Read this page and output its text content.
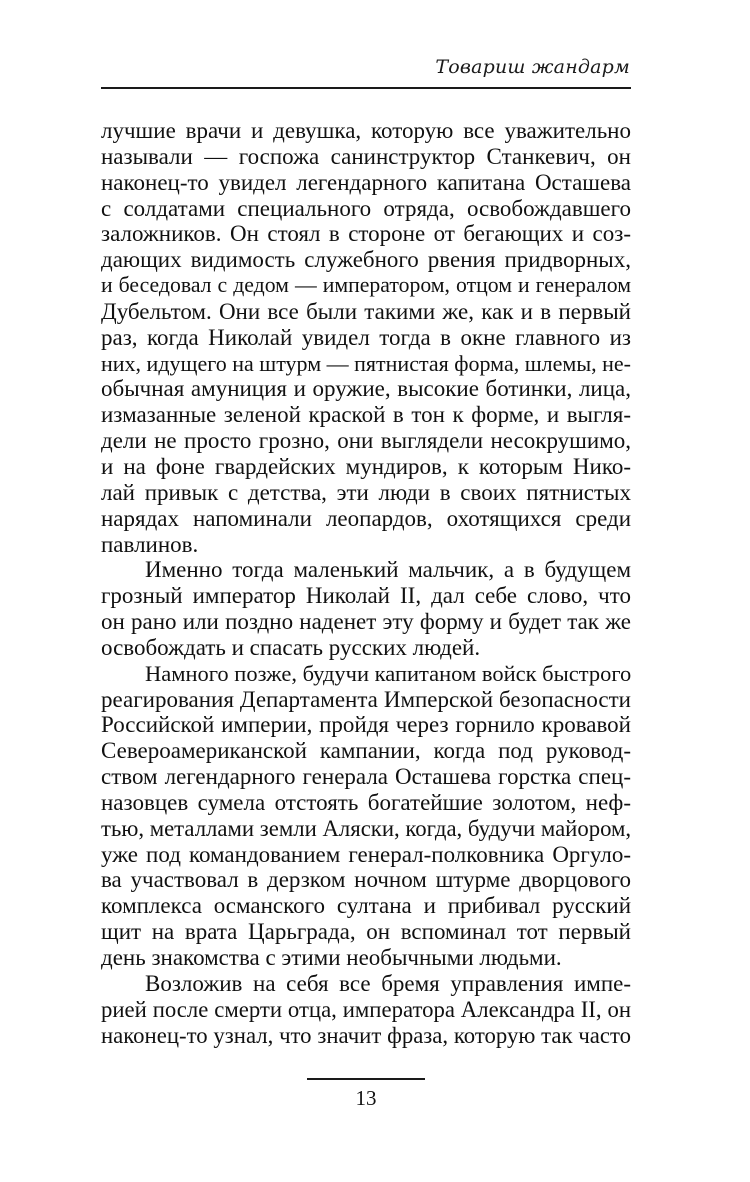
Товариш жандарм
лучшие врачи и девушка, которую все уважительно
называли — госпожа санинструктор Станкевич, он
наконец-то увидел легендарного капитана Осташева
с солдатами специального отряда, освобождавшего
заложников. Он стоял в стороне от бегающих и соз-
дающих видимость служебного рвения придворных,
и беседовал с дедом — императором, отцом и генералом
Дубельтом. Они все были такими же, как и в первый
раз, когда Николай увидел тогда в окне главного из
них, идущего на штурм — пятнистая форма, шлемы, не-
обычная амуниция и оружие, высокие ботинки, лица,
измазанные зеленой краской в тон к форме, и выгля-
дели не просто грозно, они выглядели несокрушимо,
и на фоне гвардейских мундиров, к которым Нико-
лай привык с детства, эти люди в своих пятнистых
нарядах напоминали леопардов, охотящихся среди
павлинов.
Именно тогда маленький мальчик, а в будущем
грозный император Николай II, дал себе слово, что
он рано или поздно наденет эту форму и будет так же
освобождать и спасать русских людей.
Намного позже, будучи капитаном войск быстрого
реагирования Департамента Имперской безопасности
Российской империи, пройдя через горнило кровавой
Североамериканской кампании, когда под руковод-
ством легендарного генерала Осташева горстка спец-
назовцев сумела отстоять богатейшие золотом, неф-
тью, металлами земли Аляски, когда, будучи майором,
уже под командованием генерал-полковника Оргуло-
ва участвовал в дерзком ночном штурме дворцового
комплекса османского султана и прибивал русский
щит на врата Царьграда, он вспоминал тот первый
день знакомства с этими необычными людьми.
Возложив на себя все бремя управления импе-
рией после смерти отца, императора Александра II, он
наконец-то узнал, что значит фраза, которую так часто
13
